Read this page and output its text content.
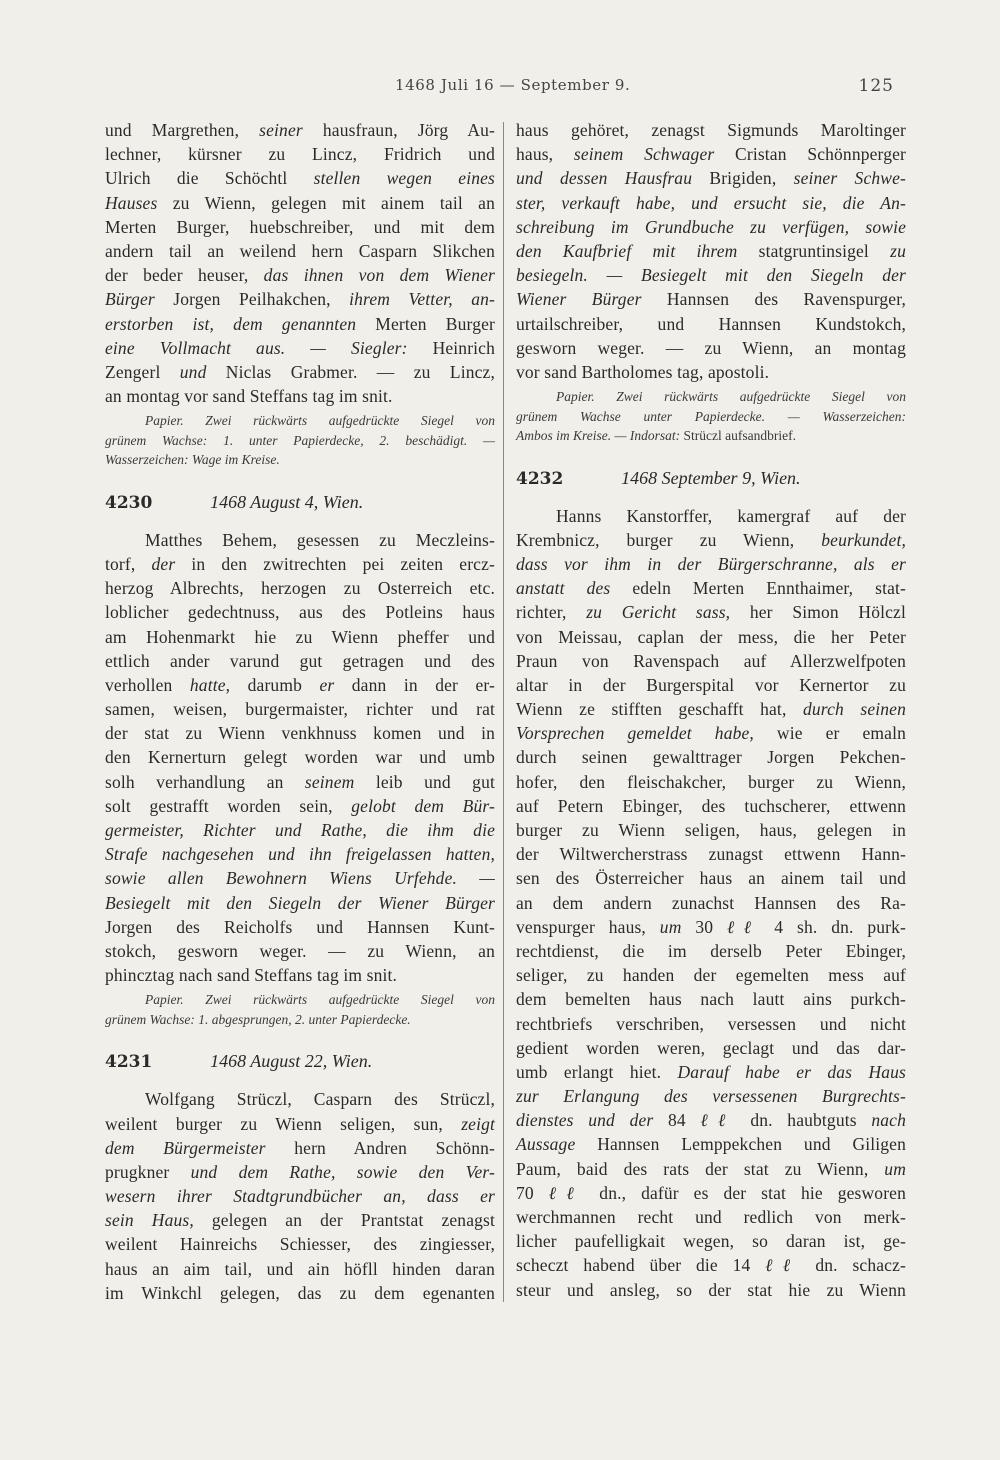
1468 Juli 16 — September 9.	125
und Margrethen, seiner hausfraun, Jörg Au-
lechner, kürsner zu Lincz, Fridrich und
Ulrich die Schöchtl stellen wegen eines
Hauses zu Wienn, gelegen mit ainem tail an
Merten Burger, huebschreiber, und mit dem
andern tail an weilend hern Casparn Slikchen
der beder heuser, das ihnen von dem Wiener
Bürger Jorgen Peilhakchen, ihrem Vetter, an-
erstorben ist, dem genannten Merten Burger
eine Vollmacht aus. — Siegler: Heinrich
Zengerl und Niclas Grabmer. — zu Lincz,
an montag vor sand Steffans tag im snit.
Papier. Zwei rückwärts aufgedrückte Siegel von
grünem Wachse: 1. unter Papierdecke, 2. beschädigt. —
Wasserzeichen: Wage im Kreise.
4230	1468 August 4, Wien.
Matthes Behem, gesessen zu Meczleins-
torf, der in den zwitrechten pei zeiten ercz-
herzog Albrechts, herzogen zu Osterreich etc.
loblicher gedechtnuss, aus des Potleins haus
am Hohenmarkt hie zu Wienn pheffer und
ettlich ander varund gut getragen und des
verhollen hatte, darumb er dann in der er-
samen, weisen, burgermaister, richter und rat
der stat zu Wienn venkhnuss komen und in
den Kernerturn gelegt worden war und umb
solh verhandlung an seinem leib und gut
solt gestrafft worden sein, gelobt dem Bür-
germeister, Richter und Rathe, die ihm die
Strafe nachgesehen und ihn freigelassen hatten,
sowie allen Bewohnern Wiens Urfehde. —
Besiegelt mit den Siegeln der Wiener Bürger
Jorgen des Reicholfs und Hannsen Kunt-
stokch, gesworn weger. — zu Wienn, an
phincztag nach sand Steffans tag im snit.
Papier. Zwei rückwärts aufgedrückte Siegel von
grünem Wachse: 1. abgesprungen, 2. unter Papierdecke.
4231	1468 August 22, Wien.
Wolfgang Strüczl, Casparn des Strüczl,
weilent burger zu Wienn seligen, sun, zeigt
dem Bürgermeister hern Andren Schönn-
prugkner und dem Rathe, sowie den Ver-
wesern ihrer Stadtgrundbücher an, dass er
sein Haus, gelegen an der Prantstat zenagst
weilent Hainreichs Schiesser, des zingiesser,
haus an aim tail, und ain höfll hinden daran
im Winkchl gelegen, das zu dem egenanten
haus gehöret, zenagst Sigmunds Maroltinger
haus, seinem Schwager Cristan Schönnperger
und dessen Hausfrau Brigiden, seiner Schwe-
ster, verkauft habe, und ersucht sie, die An-
schreibung im Grundbuche zu verfügen, sowie
den Kaufbrief mit ihrem statgruntinsigel zu
besiegeln. — Besiegelt mit den Siegeln der
Wiener Bürger Hannsen des Ravenspurger,
urtailschreiber, und Hannsen Kundstokch,
gesworn weger. — zu Wienn, an montag
vor sand Bartholomes tag, apostoli.
Papier. Zwei rückwärts aufgedrückte Siegel von
grünem Wachse unter Papierdecke. — Wasserzeichen:
Ambos im Kreise. — Indorsat: Strüczl aufsandbrief.
4232	1468 September 9, Wien.
Hanns Kanstorffer, kamergraf auf der
Krembnicz, burger zu Wienn, beurkundet,
dass vor ihm in der Bürgerschranne, als er
anstatt des edeln Merten Ennthaimer, stat-
richter, zu Gericht sass, her Simon Hölczl
von Meissau, caplan der mess, die her Peter
Praun von Ravenspach auf Allerzwelfpoten
altar in der Burgerspital vor Kernertor zu
Wienn ze stifften geschafft hat, durch seinen
Vorsprechen gemeldet habe, wie er emaln
durch seinen gewalttrager Jorgen Pekchen-
hofer, den fleischakcher, burger zu Wienn,
auf Petern Ebinger, des tuchscherer, ettwenn
burger zu Wienn seligen, haus, gelegen in
der Wiltwercherstrass zunagst ettwenn Hann-
sen des Österreicher haus an ainem tail und
an dem andern zunachst Hannsen des Ra-
venspurger haus, um 30 ℓℓ 4 sh. dn. purk-
rechtdienst, die im derselb Peter Ebinger,
seliger, zu handen der egemelten mess auf
dem bemelten haus nach lautt ains purkch-
rechtbriefs verschriben, versessen und nicht
gedient worden weren, geclagt und das dar-
umb erlangt hiet. Darauf habe er das Haus
zur Erlangung des versessenen Burgrechts-
dienstes und der 84 ℓℓ dn. haubtguts nach
Aussage Hannsen Lemppekchen und Giligen
Paum, baid des rats der stat zu Wienn, um
70 ℓℓ dn., dafür es der stat hie gesworen
werchmannen recht und redlich von merk-
licher paufelligkait wegen, so daran ist, ge-
scheczt habend über die 14 ℓℓ dn. schacz-
steur und ansleg, so der stat hie zu Wienn
